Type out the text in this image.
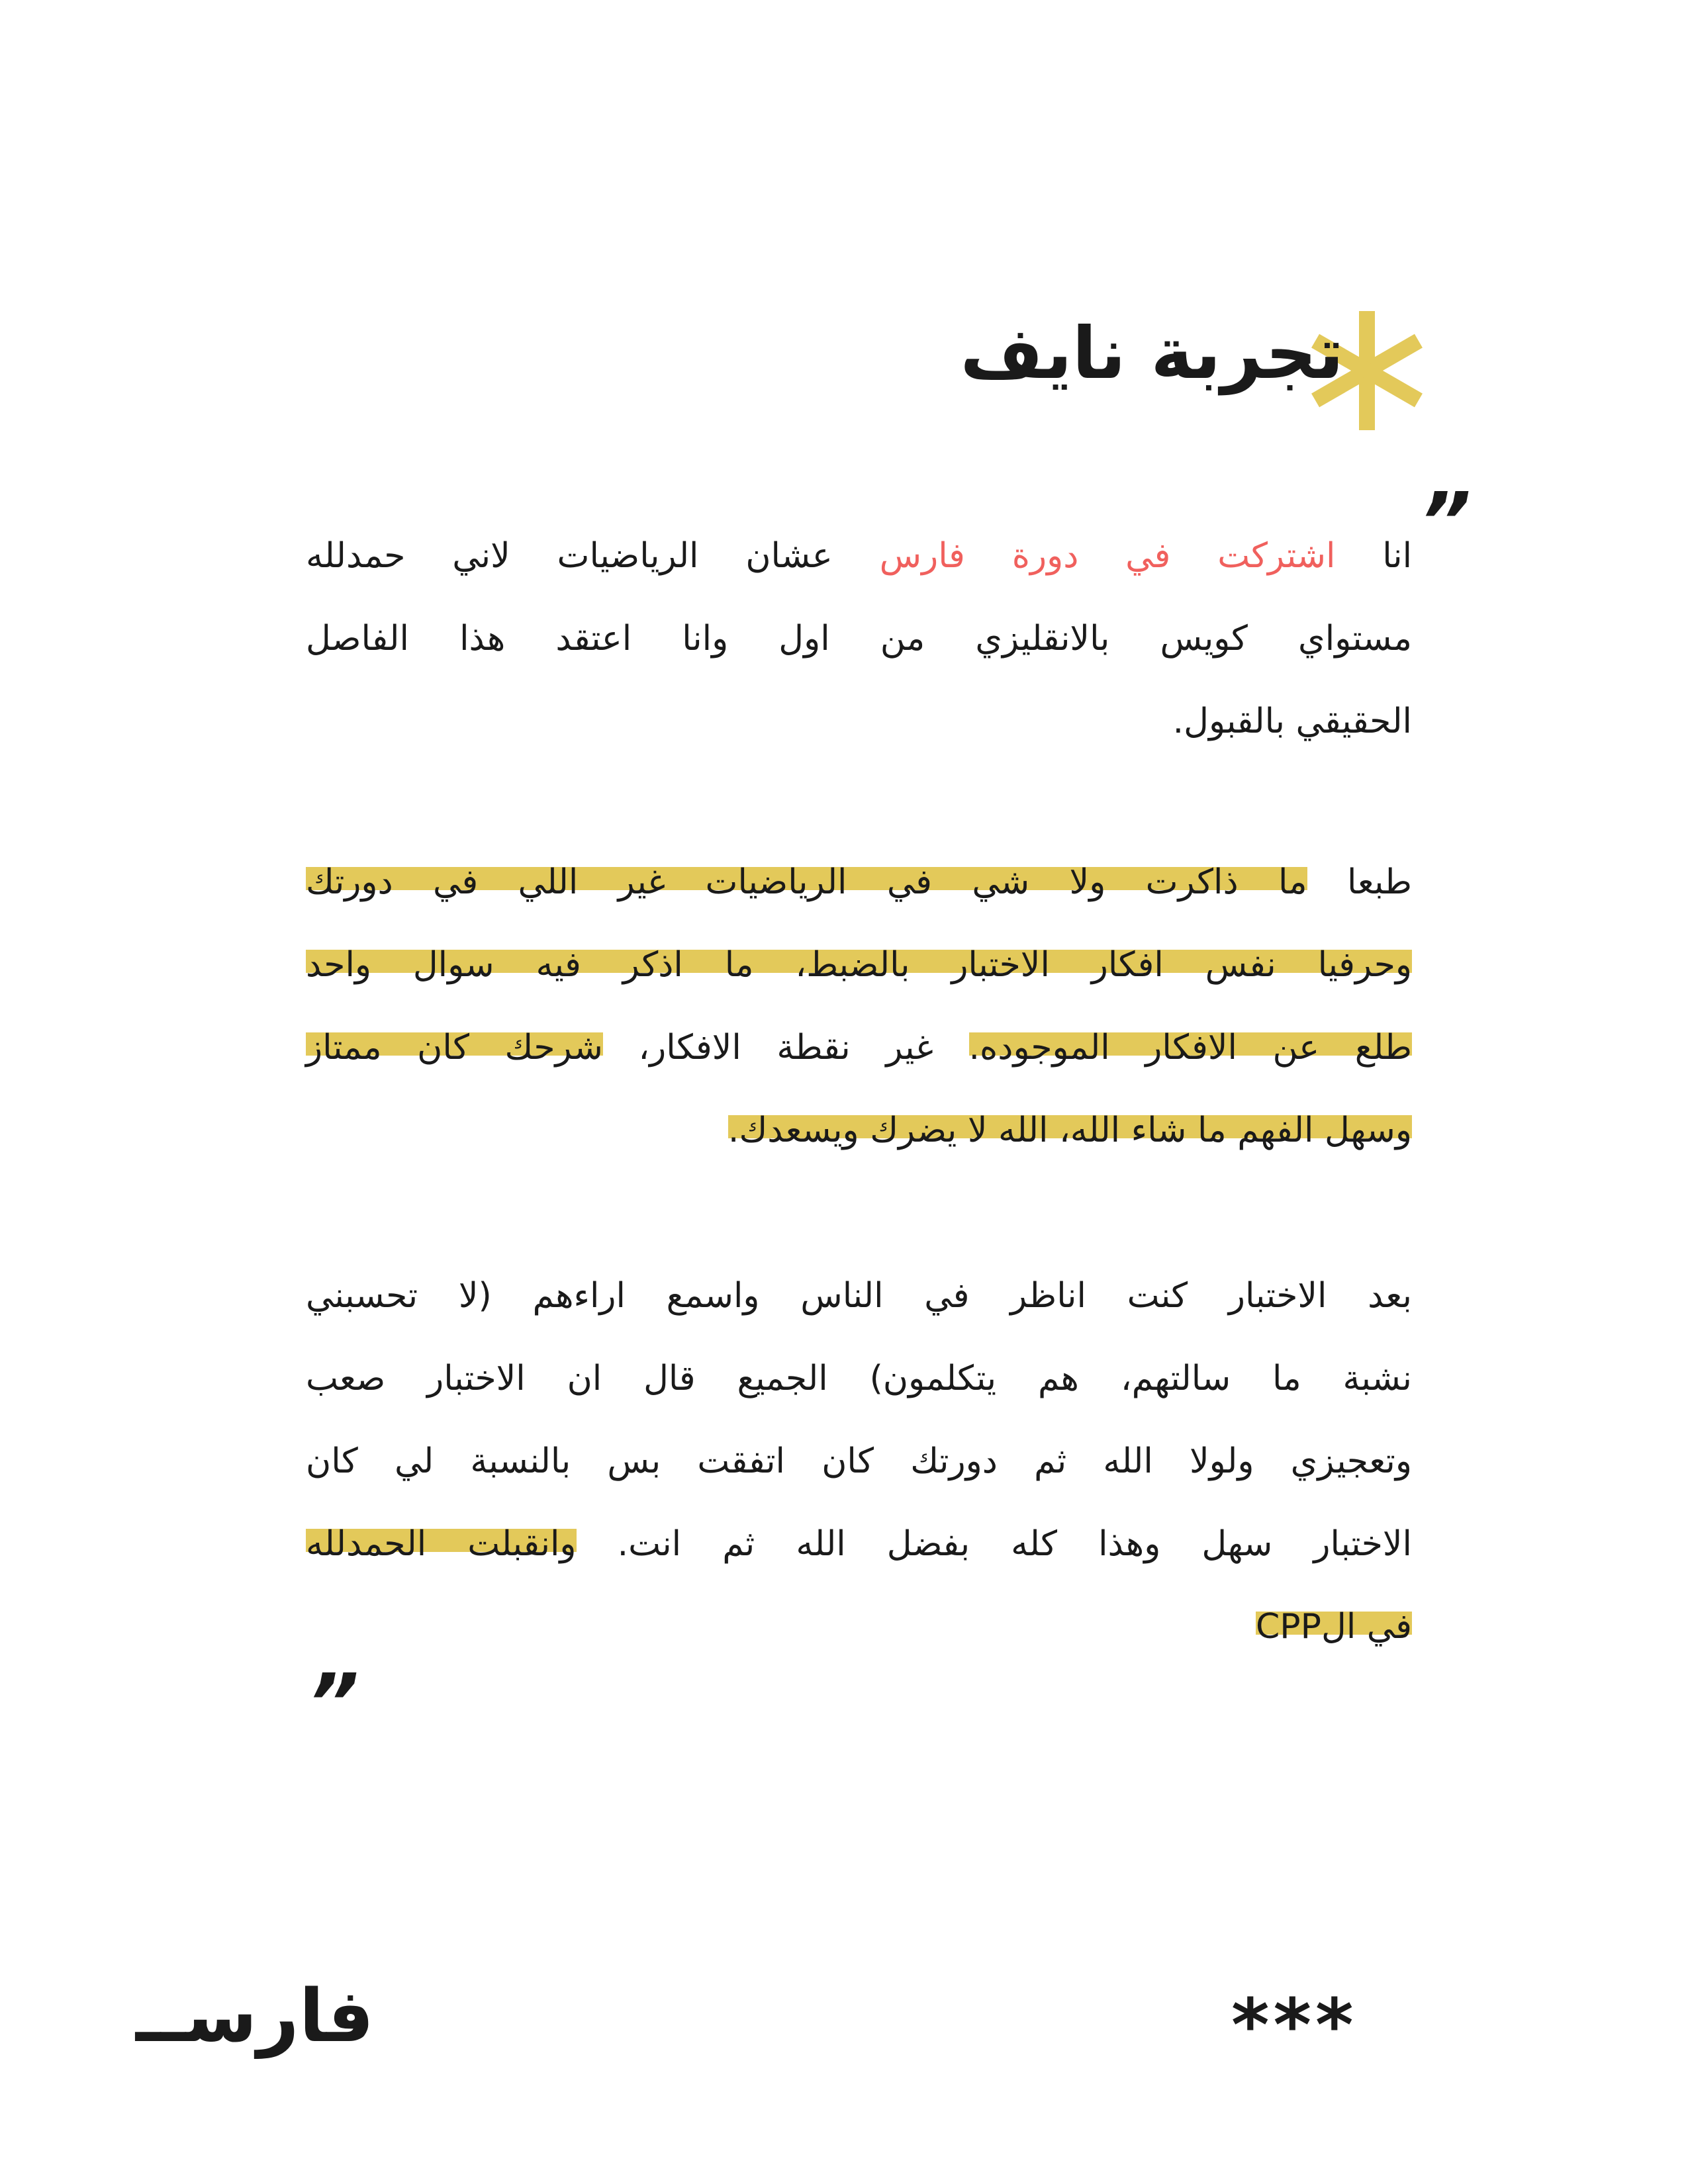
تجربة نايف
”
انا اشتركت في دورة فارس عشان الرياضيات لاني حمدلله
مستواي كويس بالانقليزي من اول وانا اعتقد هذا الفاصل
الحقيقي بالقبول.
طبعا ما ذاكرت ولا شي في الرياضيات غير اللي في دورتك
وحرفيا نفس افكار الاختبار بالضبط، ما اذكر فيه سوال واحد
طلع عن الافكار الموجوده. غير نقطة الافكار، شرحك كان ممتاز
وسهل الفهم ما شاء الله، الله لا يضرك ويسعدك.
بعد الاختبار كنت اناظر في الناس واسمع اراءهم (لا تحسبني
نشبة ما سالتهم، هم يتكلمون) الجميع قال ان الاختبار صعب
وتعجيزي ولولا الله ثم دورتك كان اتفقت بس بالنسبة لي كان
الاختبار سهل وهذا كله بفضل الله ثم انت. وانقبلت الحمدلله
في الCPP
”
فارســ	***
